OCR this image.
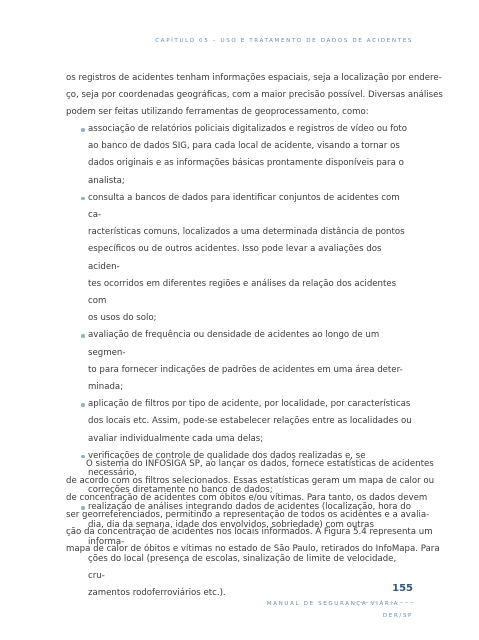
CAPÍTULO 05 – USO E TRATAMENTO DE DADOS DE ACIDENTES

os registros de acidentes tenham informações espaciais, seja a localização por endere-
ço, seja por coordenadas geográficas, com a maior precisão possível. Diversas análises
podem ser feitas utilizando ferramentas de geoprocessamento, como:

associação de relatórios policiais digitalizados e registros de vídeo ou foto
ao banco de dados SIG, para cada local de acidente, visando a tornar os
dados originais e as informações básicas prontamente disponíveis para o
analista;
consulta a bancos de dados para identificar conjuntos de acidentes com ca-
racterísticas comuns, localizados a uma determinada distância de pontos
específicos ou de outros acidentes. Isso pode levar a avaliações dos aciden-
tes ocorridos em diferentes regiões e análises da relação dos acidentes com
os usos do solo;
avaliação de frequência ou densidade de acidentes ao longo de um segmen-
to para fornecer indicações de padrões de acidentes em uma área deter-
minada;
aplicação de filtros por tipo de acidente, por localidade, por características
dos locais etc. Assim, pode-se estabelecer relações entre as localidades ou
avaliar individualmente cada uma delas;
verificações de controle de qualidade dos dados realizadas e, se necessário,
correções diretamente no banco de dados;
realização de análises integrando dados de acidentes (localização, hora do
dia, dia da semana, idade dos envolvidos, sobriedade) com outras informa-
ções do local (presença de escolas, sinalização de limite de velocidade, cru-
zamentos rodoferroviários etc.).

O sistema do INFOSIGA SP, ao lançar os dados, fornece estatísticas de acidentes
de acordo com os filtros selecionados. Essas estatísticas geram um mapa de calor ou
de concentração de acidentes com óbitos e/ou vítimas. Para tanto, os dados devem
ser georreferenciados, permitindo a representação de todos os acidentes e a avalia-
ção da concentração de acidentes nos locais informados. A Figura 5.4 representa um
mapa de calor de óbitos e vítimas no estado de São Paulo, retirados do InfoMapa. Para

155
MANUAL DE SEGURANÇA VIÁRIA
DER/SP
